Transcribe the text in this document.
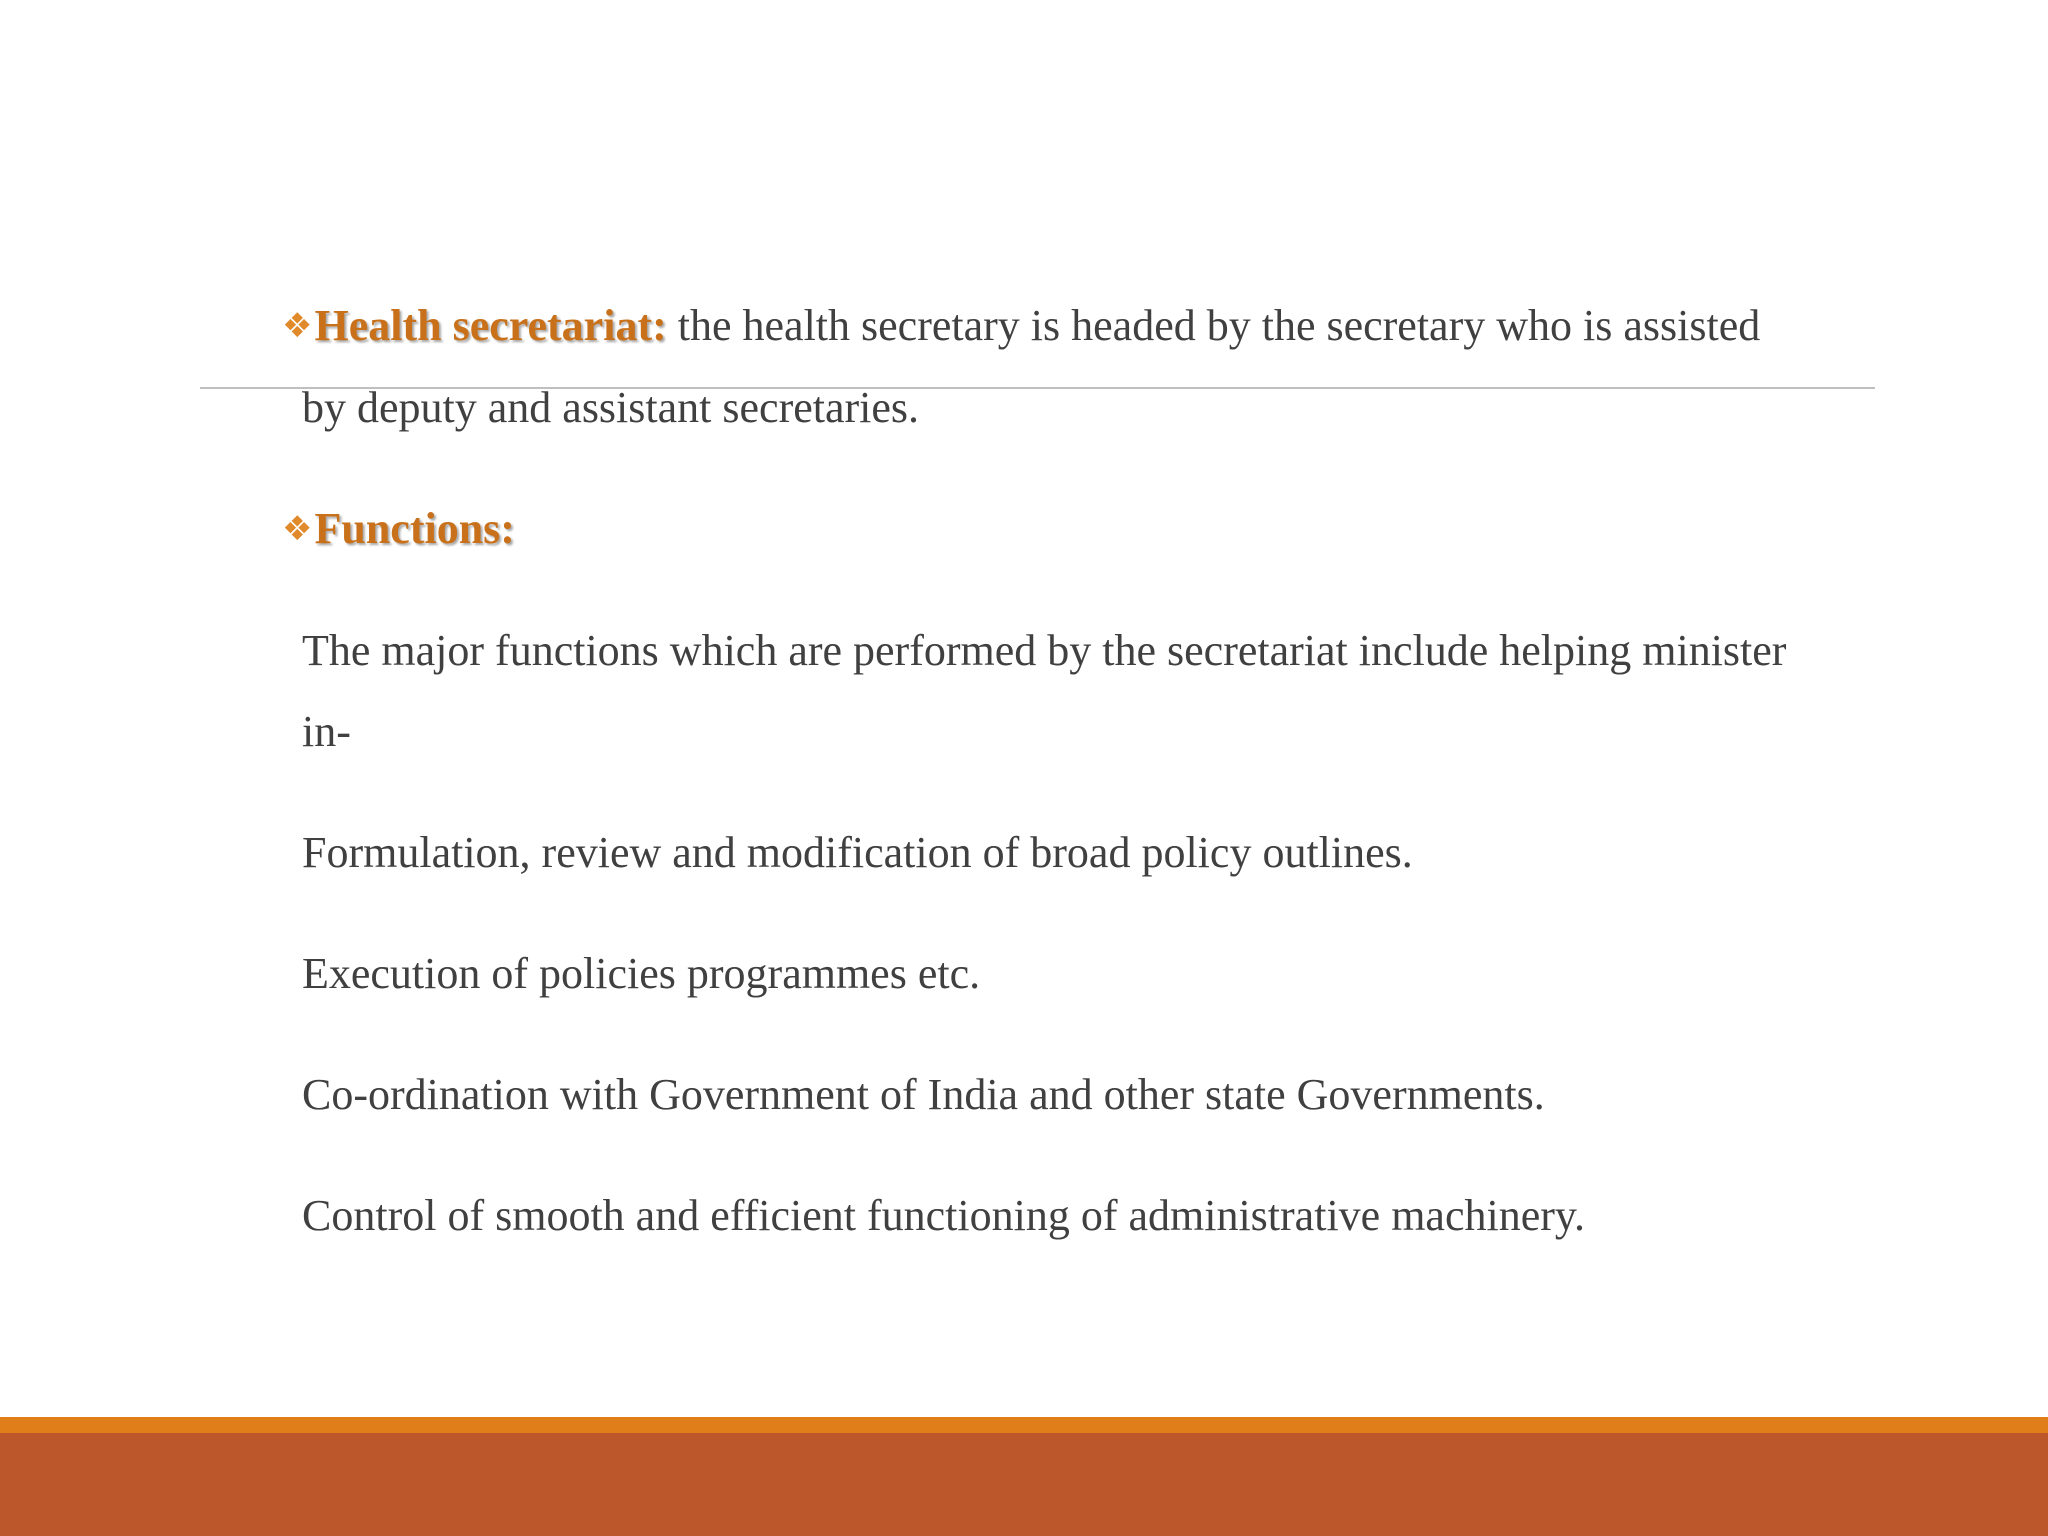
❖Health secretariat: the health secretary is headed by the secretary who is assisted
by deputy and assistant secretaries.
❖Functions:
The major functions which are performed by the secretariat include helping minister
in-
Formulation, review and modification of broad policy outlines.
Execution of policies programmes etc.
Co-ordination with Government of India and other state Governments.
Control of smooth and efficient functioning of administrative machinery.
